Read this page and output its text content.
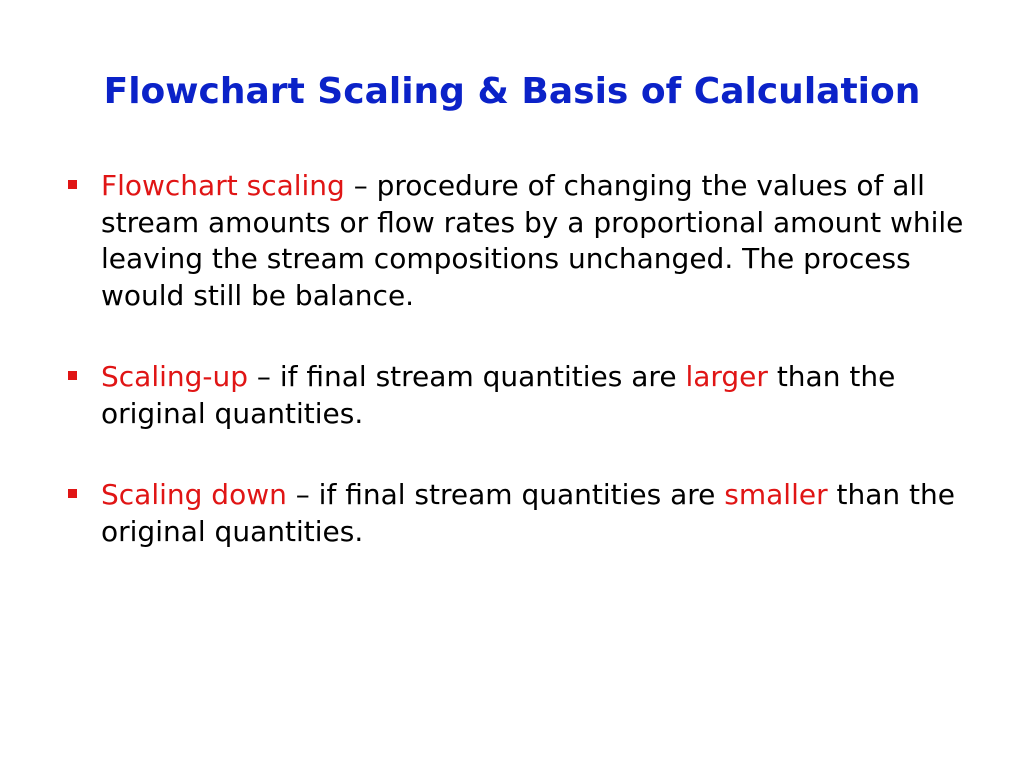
Flowchart Scaling & Basis of Calculation
Flowchart scaling – procedure of changing the values of all stream amounts or flow rates by a proportional amount while leaving the stream compositions unchanged. The process would still be balance.
Scaling-up – if final stream quantities are larger than the original quantities.
Scaling down – if final stream quantities are smaller than the original quantities.
